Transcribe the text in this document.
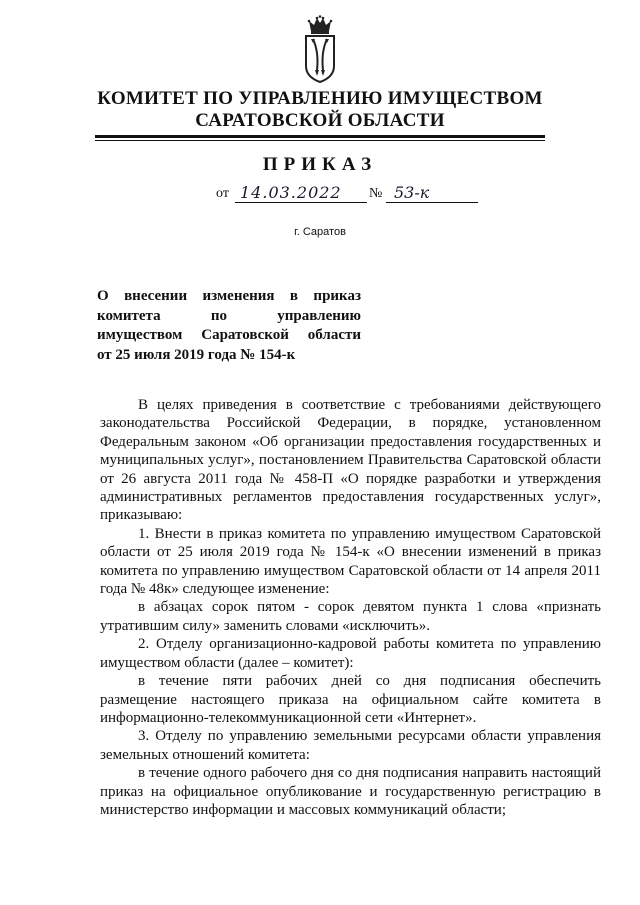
КОМИТЕТ ПО УПРАВЛЕНИЮ ИМУЩЕСТВОМ
САРАТОВСКОЙ ОБЛАСТИ
ПРИКАЗ
от 14.03.2022 № 53-к
г. Саратов
О внесении изменения в приказ
комитета по управлению
имуществом Саратовской области
от 25 июля 2019 года № 154-к

В целях приведения в соответствие с требованиями действующего законодательства Российской Федерации, в порядке, установленном Федеральным законом «Об организации предоставления государственных и муниципальных услуг», постановлением Правительства Саратовской области от 26 августа 2011 года № 458-П «О порядке разработки и утверждения административных регламентов предоставления государственных услуг», приказываю:

1. Внести в приказ комитета по управлению имуществом Саратовской области от 25 июля 2019 года № 154-к «О внесении изменений в приказ комитета по управлению имуществом Саратовской области от 14 апреля 2011 года № 48к» следующее изменение:

в абзацах сорок пятом - сорок девятом пункта 1 слова «признать утратившим силу» заменить словами «исключить».

2. Отделу организационно-кадровой работы комитета по управлению имуществом области (далее – комитет):

в течение пяти рабочих дней со дня подписания обеспечить размещение настоящего приказа на официальном сайте комитета в информационно-телекоммуникационной сети «Интернет».

3. Отделу по управлению земельными ресурсами области управления земельных отношений комитета:

в течение одного рабочего дня со дня подписания направить настоящий приказ на официальное опубликование и государственную регистрацию в министерство информации и массовых коммуникаций области;
